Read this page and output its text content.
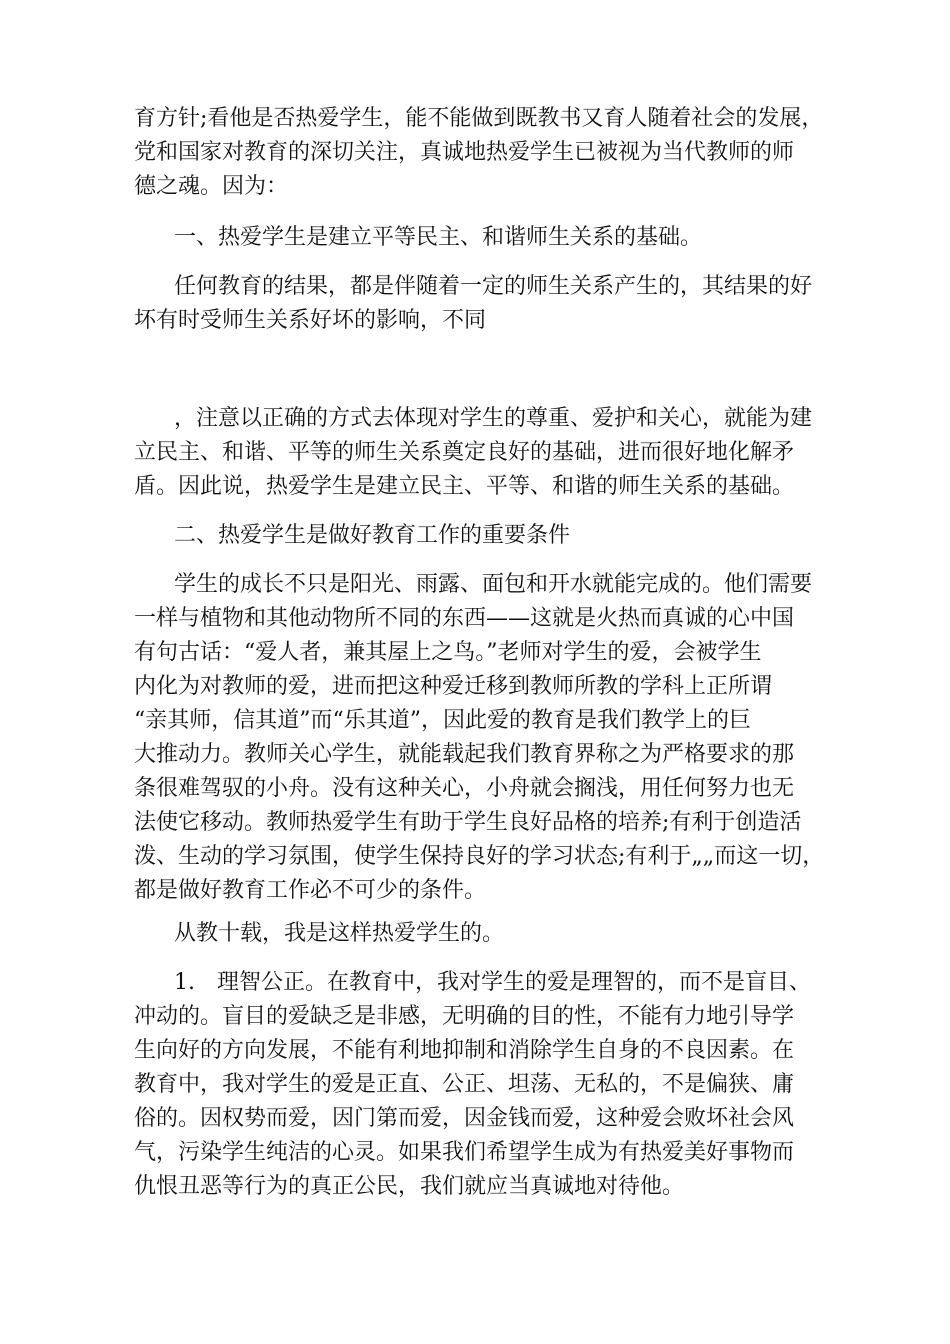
育方针;看他是否热爱学生，能不能做到既教书又育人随着社会的发展，
党和国家对教育的深切关注，真诚地热爱学生已被视为当代教师的师
德之魂。因为：

一、热爱学生是建立平等民主、和谐师生关系的基础。

任何教育的结果，都是伴随着一定的师生关系产生的，其结果的好
坏有时受师生关系好坏的影响，不同

，注意以正确的方式去体现对学生的尊重、爱护和关心，就能为建
立民主、和谐、平等的师生关系奠定良好的基础，进而很好地化解矛
盾。因此说，热爱学生是建立民主、平等、和谐的师生关系的基础。

二、热爱学生是做好教育工作的重要条件

学生的成长不只是阳光、雨露、面包和开水就能完成的。他们需要
一样与植物和其他动物所不同的东西——这就是火热而真诚的心中国
有句古话：“爱人者，兼其屋上之鸟。”老师对学生的爱，会被学生
内化为对教师的爱，进而把这种爱迁移到教师所教的学科上正所谓
“亲其师，信其道”而“乐其道”，因此爱的教育是我们教学上的巨
大推动力。教师关心学生，就能载起我们教育界称之为严格要求的那
条很难驾驭的小舟。没有这种关心，小舟就会搁浅，用任何努力也无
法使它移动。教师热爱学生有助于学生良好品格的培养;有利于创造活
泼、生动的学习氛围，使学生保持良好的学习状态;有利于„„而这一切，
都是做好教育工作必不可少的条件。

从教十载，我是这样热爱学生的。

1.　理智公正。在教育中，我对学生的爱是理智的，而不是盲目、
冲动的。盲目的爱缺乏是非感，无明确的目的性，不能有力地引导学
生向好的方向发展，不能有利地抑制和消除学生自身的不良因素。在
教育中，我对学生的爱是正直、公正、坦荡、无私的，不是偏狭、庸
俗的。因权势而爱，因门第而爱，因金钱而爱，这种爱会败坏社会风
气，污染学生纯洁的心灵。如果我们希望学生成为有热爱美好事物而
仇恨丑恶等行为的真正公民，我们就应当真诚地对待他。
